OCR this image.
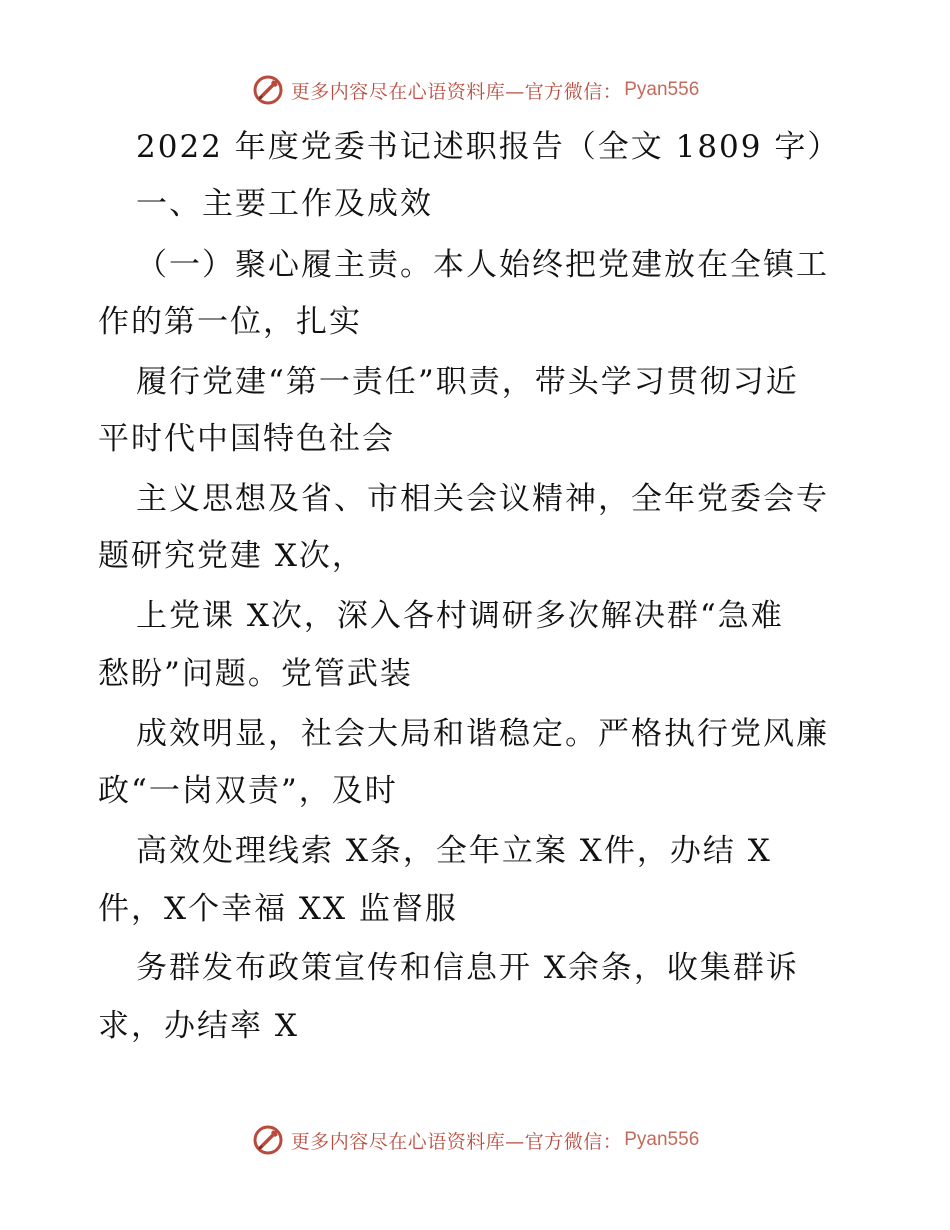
更多内容尽在心语资料库—官方微信： Pyan556
2022 年度党委书记述职报告（全文 1809 字）
一、主要工作及成效
（一）聚心履主责。本人始终把党建放在全镇工
作的第一位，扎实
履行党建“第一责任”职责，带头学习贯彻习近
平时代中国特色社会
主义思想及省、市相关会议精神，全年党委会专
题研究党建 X次，
上党课 X次，深入各村调研多次解决群“急难
愁盼”问题。党管武装
成效明显，社会大局和谐稳定。严格执行党风廉
政“一岗双责”，及时
高效处理线索 X条，全年立案 X件，办结 X
件，X个幸福 XX 监督服
务群发布政策宣传和信息开 X余条，收集群诉
求，办结率 X
更多内容尽在心语资料库—官方微信： Pyan556
